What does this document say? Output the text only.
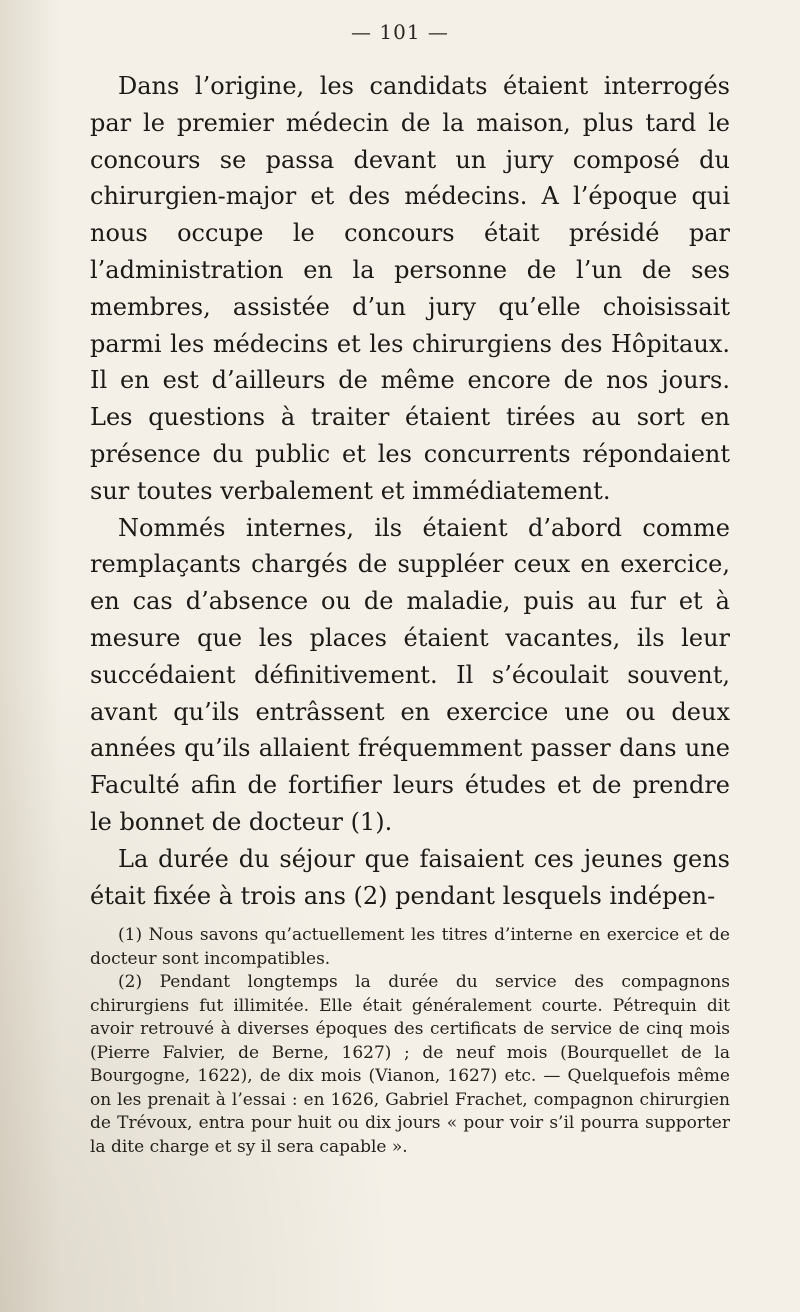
— 101 —

Dans l’origine, les candidats étaient interrogés par le premier médecin de la maison, plus tard le concours se passa devant un jury composé du chirurgien-major et des médecins. A l’époque qui nous occupe le concours était présidé par l’administration en la personne de l’un de ses membres, assistée d’un jury qu’elle choisissait parmi les médecins et les chirurgiens des Hôpitaux. Il en est d’ailleurs de même encore de nos jours. Les questions à traiter étaient tirées au sort en présence du public et les concurrents répondaient sur toutes verbalement et immédiatement.

Nommés internes, ils étaient d’abord comme remplaçants chargés de suppléer ceux en exercice, en cas d’absence ou de maladie, puis au fur et à mesure que les places étaient vacantes, ils leur succédaient définitivement. Il s’écoulait souvent, avant qu’ils entrâssent en exercice une ou deux années qu’ils allaient fréquemment passer dans une Faculté afin de fortifier leurs études et de prendre le bonnet de docteur (1).

La durée du séjour que faisaient ces jeunes gens était fixée à trois ans (2) pendant lesquels indépen-

(1) Nous savons qu’actuellement les titres d’interne en exercice et de docteur sont incompatibles.

(2) Pendant longtemps la durée du service des compagnons chirurgiens fut illimitée. Elle était généralement courte. Pétrequin dit avoir retrouvé à diverses époques des certificats de service de cinq mois (Pierre Falvier, de Berne, 1627) ; de neuf mois (Bourquellet de la Bourgogne, 1622), de dix mois (Vianon, 1627) etc. — Quelquefois même on les prenait à l’essai : en 1626, Gabriel Frachet, compagnon chirurgien de Trévoux, entra pour huit ou dix jours « pour voir s’il pourra supporter la dite charge et sy il sera capable ».
